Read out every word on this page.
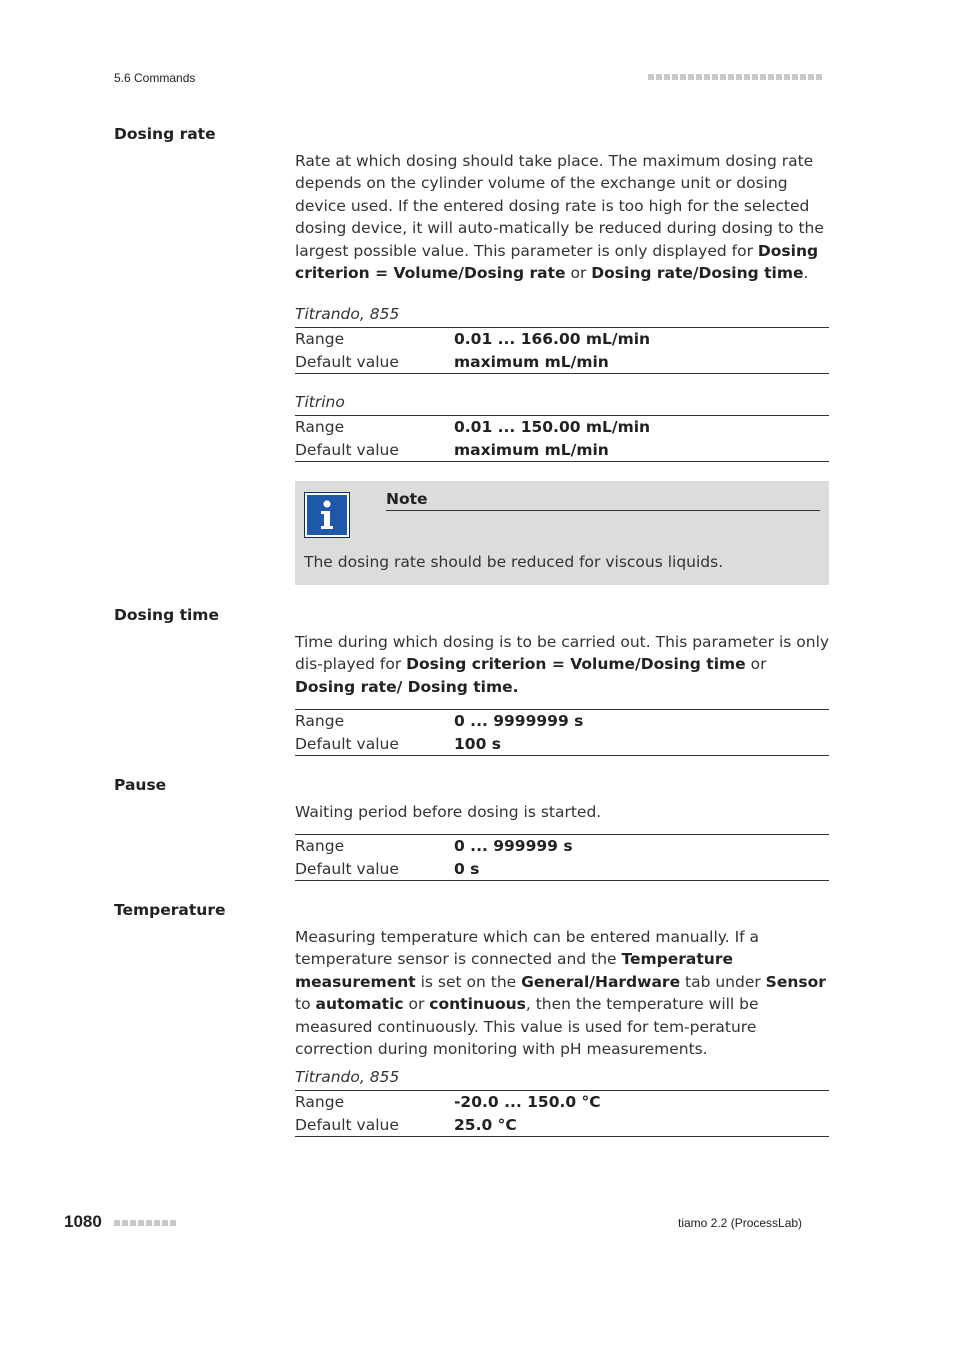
5.6 Commands
Dosing rate
Rate at which dosing should take place. The maximum dosing rate depends on the cylinder volume of the exchange unit or dosing device used. If the entered dosing rate is too high for the selected dosing device, it will auto-matically be reduced during dosing to the largest possible value. This parameter is only displayed for Dosing criterion = Volume/Dosing rate or Dosing rate/Dosing time.
Titrando, 855
Range	0.01 ... 166.00 mL/min
Default value	maximum mL/min
Titrino
Range	0.01 ... 150.00 mL/min
Default value	maximum mL/min
Note
The dosing rate should be reduced for viscous liquids.
Dosing time
Time during which dosing is to be carried out. This parameter is only dis-played for Dosing criterion = Volume/Dosing time or Dosing rate/ Dosing time.
Range	0 ... 9999999 s
Default value	100 s
Pause
Waiting period before dosing is started.
Range	0 ... 999999 s
Default value	0 s
Temperature
Measuring temperature which can be entered manually. If a temperature sensor is connected and the Temperature measurement is set on the General/Hardware tab under Sensor to automatic or continuous, then the temperature will be measured continuously. This value is used for tem-perature correction during monitoring with pH measurements.
Titrando, 855
Range	-20.0 ... 150.0 °C
Default value	25.0 °C
1080	tiamo 2.2 (ProcessLab)
